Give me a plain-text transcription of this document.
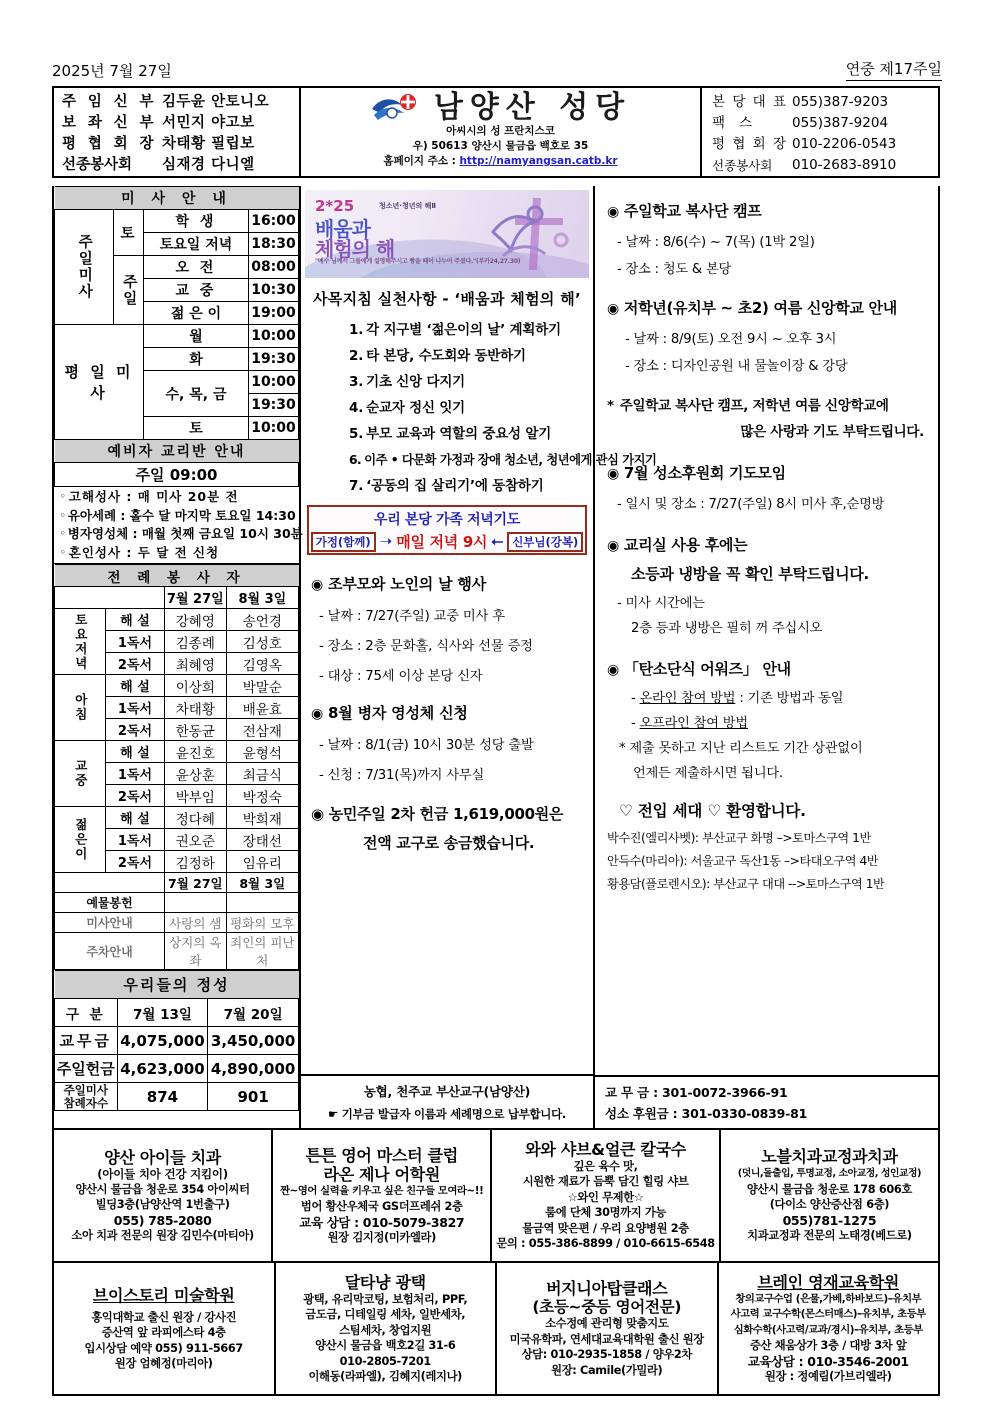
2025년 7월 27일	연중 제17주일
주 임 신 부 김두윤 안토니오
보 좌 신 부 서민지 야고보
평 협 회 장 차태황 필립보
선종봉사회	심재경 다니엘
남양산 성당
아씨시의 성 프란치스코
우) 50613 양산시 물금읍 백호로 35
홈페이지 주소 : http://namyangsan.catb.kr
본 당 대 표 055)387-9203
팩스	055)387-9204
평 협 회 장 010-2206-0543
선종봉사회	010-2683-8910
미 사 안 내			

주일미사	토	학 생	16:00
		토요일 저녁	18:30

	주일	오 전	08:00
		교 중	10:30
		젊 은 이	19:00
평 일 미 사		월	10:00
		화	19:30
		수, 목, 금	10:00
			19:30
		토	10:00
예비자 교리반 안내			
주일 09:00			
◦ 고해성사 : 매 미사 20분 전
◦ 유아세례 : 홀수 달 마지막 토요일 14:30
◦ 병자영성체 : 매월 첫째 금요일 10시 30분
◦ 혼인성사 : 두 달 전 신청
전 례 봉 사 자			
		7월 27일	8월 3일

토요저녁	해 설	강혜영	송언경
	1독서	김종례	김성호
	2독서	최혜영	김영옥

아침	해 설	이상희	박말순
	1독서	차태황	배윤효
	2독서	한동균	전삼재

교중	해 설	윤진호	윤형석
	1독서	윤상훈	최금식
	2독서	박부임	박정숙

젊은이	해 설	정다혜	박희재
	1독서	권오준	장태선
	2독서	김정하	임유리
		7월 27일	8월 3일
예물봉헌			
미사안내		사랑의 샘	평화의 모후
주차안내		상지의 옥좌	죄인의 피난처
우리들의 정성		
구 분	7월 13일	7월 20일
교무금	4,075,000	3,450,000
주일헌금	4,623,000	4,890,000

주일미사
참례자수	874	901
2*25	청소년·청년의 해Ⅱ
배움과
체험의 해
"예수 님께서 그들에게 설명해주시고 빵을 떼어 나누어 주셨다."(루카24,27.30)
사목지침 실천사항 - ‘배움과 체험의 해’
1. 각 지구별 ‘젊은이의 날’ 계획하기
2. 타 본당, 수도회와 동반하기
3. 기초 신앙 다지기
4. 순교자 정신 잇기
5. 부모 교육과 역할의 중요성 알기
6. 이주 • 다문화 가정과 장애 청소년, 청년에게 관심 가지기
7. ‘공동의 집 살리기’에 동참하기
우리 본당 가족 저녁기도
가정(함께) ➝ 매일 저녁 9시 ⭠ 신부님(강복)
◉ 조부모와 노인의 날 행사
- 날짜 : 7/27(주일) 교중 미사 후
- 장소 : 2층 문화홀, 식사와 선물 증정
- 대상 : 75세 이상 본당 신자
◉ 8월 병자 영성체 신청
- 날짜 : 8/1(금) 10시 30분 성당 출발
- 신청 : 7/31(목)까지 사무실
◉ 농민주일 2차 헌금 1,619,000원은
전액 교구로 송금했습니다.
농협, 천주교 부산교구(남양산)
☛ 기부금 발급자 이름과 세례명으로 납부합니다.
◉ 주일학교 복사단 캠프
- 날짜 : 8/6(수) ~ 7(목) (1박 2일)
- 장소 : 청도 & 본당
◉ 저학년(유치부 ~ 초2) 여름 신앙학교 안내
- 날짜 : 8/9(토) 오전 9시 ~ 오후 3시
- 장소 : 디자인공원 내 물놀이장 & 강당
* 주일학교 복사단 캠프, 저학년 여름 신앙학교에
많은 사랑과 기도 부탁드립니다.
◉ 7월 성소후원회 기도모임
- 일시 및 장소 : 7/27(주일) 8시 미사 후,순명방
◉ 교리실 사용 후에는
소등과 냉방을 꼭 확인 부탁드립니다.
- 미사 시간에는
2층 등과 냉방은 필히 꺼 주십시오
◉ 「탄소단식 어워즈」 안내
- 온라인 참여 방법 : 기존 방법과 동일
- 오프라인 참여 방법
* 제출 못하고 지난 리스트도 기간 상관없이
언제든 제출하시면 됩니다.
♡ 전입 세대 ♡ 환영합니다.
박수진(엘리사벳): 부산교구 화명 –>토마스구역 1반
안득수(마리아): 서울교구 독산1동 –>타대오구역 4반
황용담(플로렌시오): 부산교구 대대 -->토마스구역 1반
교 무 금 : 301-0072-3966-91
성소 후원금 : 301-0330-0839-81
양산 아이들 치과
(아이들 치아 건강 지킴이)
양산시 물금읍 청운로 354 아이씨터
빌딩3층(남양산역 1번출구)
055) 785-2080
소아 치과 전문의 원장 김민수(마티아)
튼튼 영어 마스터 클럽
라온 제나 어학원
짠~영어 실력을 키우고 싶은 친구들 모여라~!!
범어 황산우체국 GS더프레쉬 2층
교육 상담 : 010-5079-3827
원장 김지정(미카엘라)
와와 샤브&얼큰 칼국수
깊은 육수 맛,
시원한 재료가 듬뿍 담긴 힐링 샤브
☆와인 무제한☆
룸에 단체 30명까지 가능
물금역 맞은편 / 우리 요양병원 2층
문의 : 055-386-8899 / 010-6615-6548
노블치과교정과치과
(덧니,돌출입, 투명교정, 소아교정, 성인교정)
양산시 물금읍 청운로 178 606호
(다이소 양산증산점 6층)
055)781-1275
치과교정과 전문의 노태경(베드로)
브이스토리 미술학원
홍익대학교 출신 원장 / 강사진
증산역 앞 라피에스타 4층
입시상담 예약 055) 911-5667
원장 엄혜정(마리아)
달타냥 광택
광택, 유리막코팅, 보험처리, PPF,
금도금, 디테일링 세차, 일반세차,
스팀세차, 창업지원
양산시 물금읍 백호2길 31-6
010-2805-7201
이해동(라파엘), 김혜지(레지나)
버지니아탑클래스
(초등~중등 영어전문)
소수정예 관리형 맞춤지도
미국유학파, 연세대교육대학원 출신 원장
상담: 010-2935-1858 / 양우2차
원장: Camile(가밀라)
브레인 영재교육학원
창의교구수업 (은물,가베,하바보드)–유치부
사고력 교구수학(몬스터매스)–유치부, 초등부
심화수학(사고력/교과/경시)–유치부, 초등부
증산 채움상가 3층 / 대방 3차 앞
교육상담 : 010-3546-2001
원장 : 정예림(가브리엘라)
